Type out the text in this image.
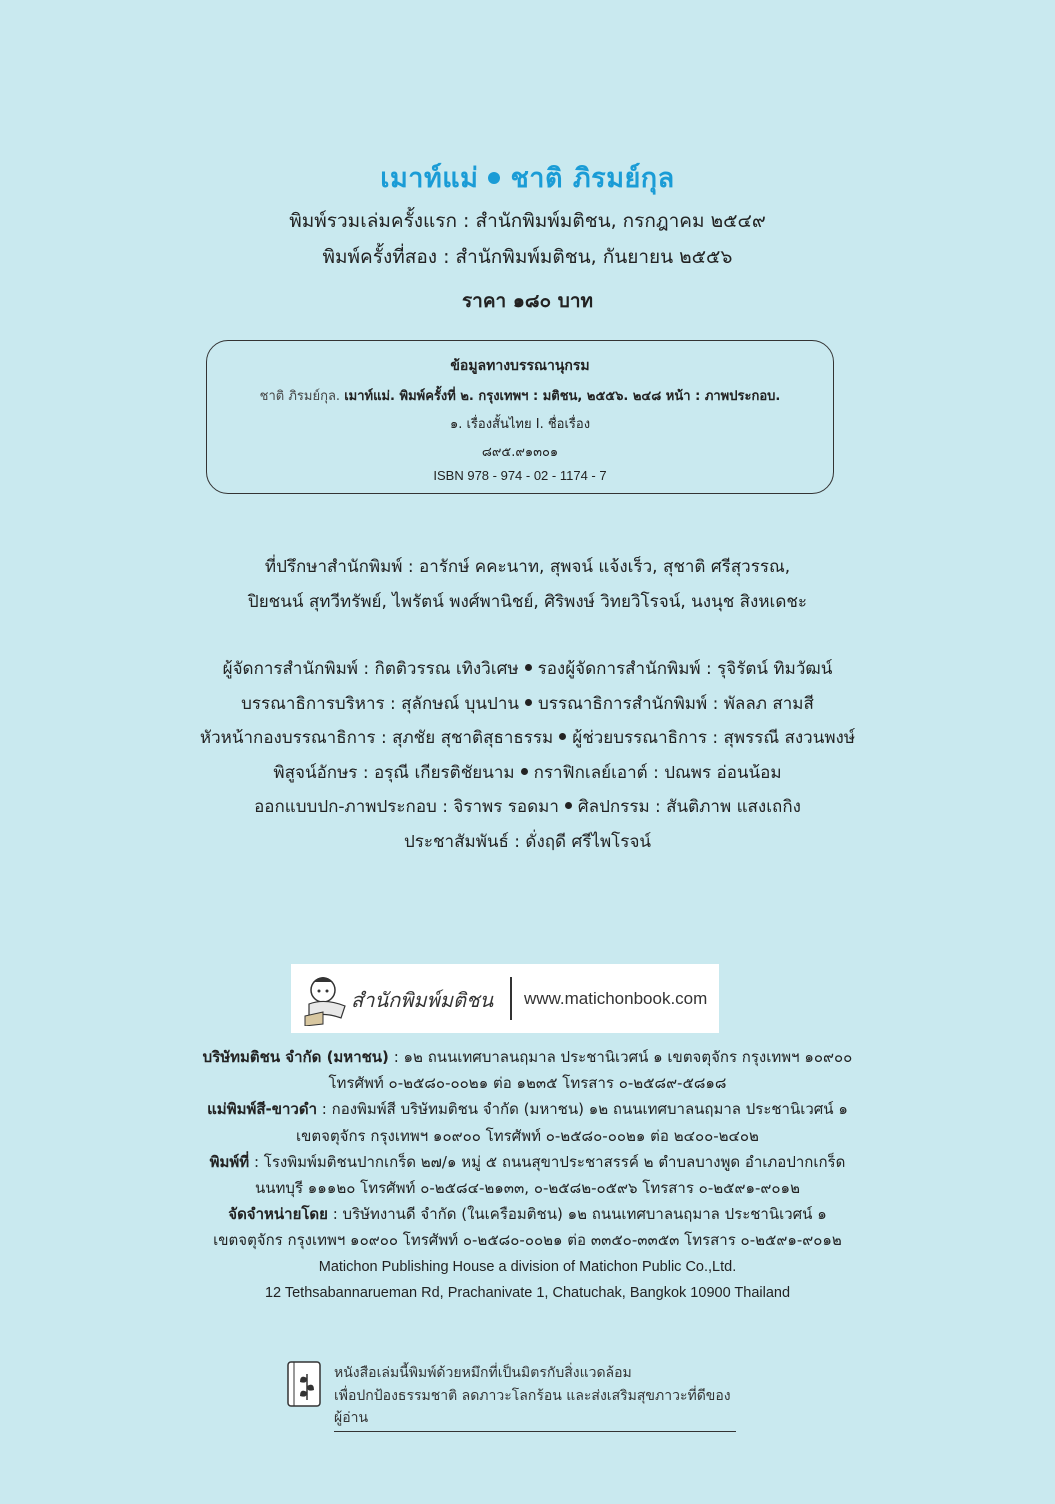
เมาท์แม่ ชาติ ภิรมย์กุล
พิมพ์รวมเล่มครั้งแรก : สำนักพิมพ์มติชน, กรกฎาคม ๒๕๔๙
พิมพ์ครั้งที่สอง : สำนักพิมพ์มติชน, กันยายน ๒๕๕๖
ราคา ๑๘๐ บาท
ข้อมูลทางบรรณานุกรม
ชาติ ภิรมย์กุล. เมาท์แม่. พิมพ์ครั้งที่ ๒. กรุงเทพฯ : มติชน, ๒๕๕๖. ๒๔๘ หน้า : ภาพประกอบ.
๑. เรื่องสั้นไทย I. ชื่อเรื่อง
๘๙๕.๙๑๓๐๑
ISBN 978 - 974 - 02 - 1174 - 7
ที่ปรึกษาสำนักพิมพ์ : อารักษ์ คคะนาท, สุพจน์ แจ้งเร็ว, สุชาติ ศรีสุวรรณ,
ปิยชนน์ สุทวีทรัพย์, ไพรัตน์ พงศ์พานิชย์, ศิริพงษ์ วิทยวิโรจน์, นงนุช สิงหเดชะ
ผู้จัดการสำนักพิมพ์ : กิตติวรรณ เทิงวิเศษ รองผู้จัดการสำนักพิมพ์ : รุจิรัตน์ ทิมวัฒน์
บรรณาธิการบริหาร : สุลักษณ์ บุนปาน บรรณาธิการสำนักพิมพ์ : พัลลภ สามสี
หัวหน้ากองบรรณาธิการ : สุภชัย สุชาติสุธาธรรม ผู้ช่วยบรรณาธิการ : สุพรรณี สงวนพงษ์
พิสูจน์อักษร : อรุณี เกียรติชัยนาม กราฟิกเลย์เอาต์ : ปณพร อ่อนน้อม
ออกแบบปก-ภาพประกอบ : จิราพร รอดมา ศิลปกรรม : สันติภาพ แสงเถกิง
ประชาสัมพันธ์ : ดั่งฤดี ศรีไพโรจน์
สำนักพิมพ์มติชน www.matichonbook.com
บริษัทมติชน จำกัด (มหาชน) : ๑๒ ถนนเทศบาลนฤมาล ประชานิเวศน์ ๑ เขตจตุจักร กรุงเทพฯ ๑๐๙๐๐
โทรศัพท์ ๐-๒๕๘๐-๐๐๒๑ ต่อ ๑๒๓๕ โทรสาร ๐-๒๕๘๙-๕๘๑๘
แม่พิมพ์สี-ขาวดำ : กองพิมพ์สี บริษัทมติชน จำกัด (มหาชน) ๑๒ ถนนเทศบาลนฤมาล ประชานิเวศน์ ๑
เขตจตุจักร กรุงเทพฯ ๑๐๙๐๐ โทรศัพท์ ๐-๒๕๘๐-๐๐๒๑ ต่อ ๒๔๐๐-๒๔๐๒
พิมพ์ที่ : โรงพิมพ์มติชนปากเกร็ด ๒๗/๑ หมู่ ๕ ถนนสุขาประชาสรรค์ ๒ ตำบลบางพูด อำเภอปากเกร็ด
นนทบุรี ๑๑๑๒๐ โทรศัพท์ ๐-๒๕๘๔-๒๑๓๓, ๐-๒๕๘๒-๐๕๙๖ โทรสาร ๐-๒๕๙๑-๙๐๑๒
จัดจำหน่ายโดย : บริษัทงานดี จำกัด (ในเครือมติชน) ๑๒ ถนนเทศบาลนฤมาล ประชานิเวศน์ ๑
เขตจตุจักร กรุงเทพฯ ๑๐๙๐๐ โทรศัพท์ ๐-๒๕๘๐-๐๐๒๑ ต่อ ๓๓๕๐-๓๓๕๓ โทรสาร ๐-๒๕๙๑-๙๐๑๒
Matichon Publishing House a division of Matichon Public Co.,Ltd.
12 Tethsabannarueman Rd, Prachanivate 1, Chatuchak, Bangkok 10900 Thailand
หนังสือเล่มนี้พิมพ์ด้วยหมึกที่เป็นมิตรกับสิ่งแวดล้อม
เพื่อปกป้องธรรมชาติ ลดภาวะโลกร้อน และส่งเสริมสุขภาวะที่ดีของผู้อ่าน
